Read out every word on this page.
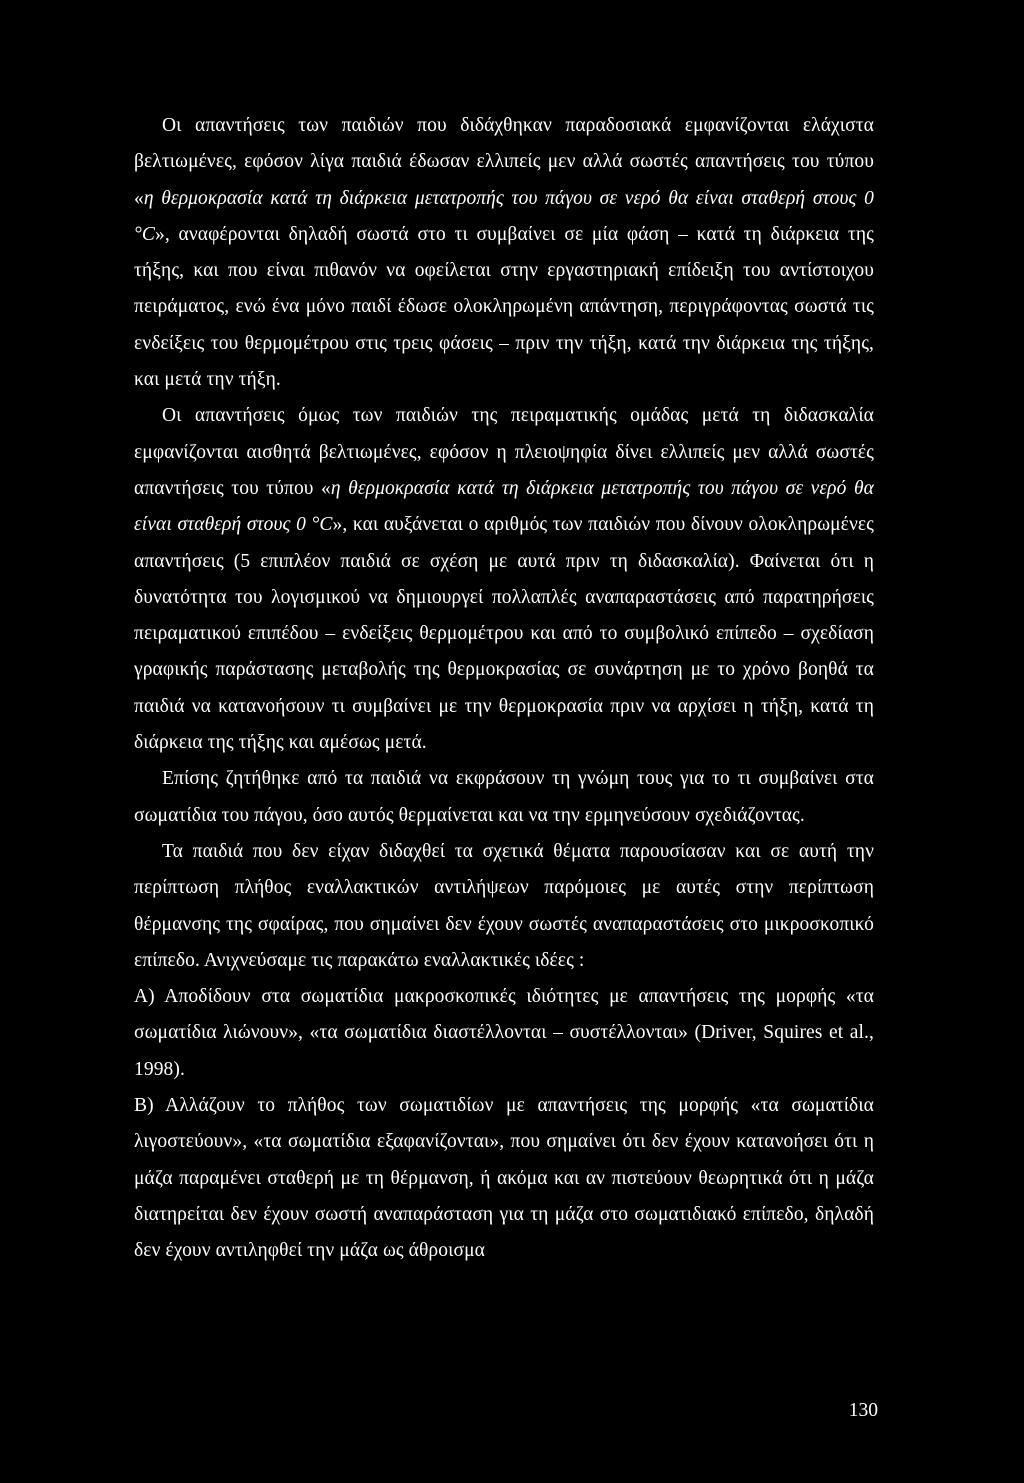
Οι απαντήσεις των παιδιών που διδάχθηκαν παραδοσιακά εμφανίζονται ελάχιστα βελτιωμένες, εφόσον λίγα παιδιά έδωσαν ελλιπείς μεν αλλά σωστές απαντήσεις του τύπου «η θερμοκρασία κατά τη διάρκεια μετατροπής του πάγου σε νερό θα είναι σταθερή στους 0 °C», αναφέρονται δηλαδή σωστά στο τι συμβαίνει σε μία φάση – κατά τη διάρκεια της τήξης, και που είναι πιθανόν να οφείλεται στην εργαστηριακή επίδειξη του αντίστοιχου πειράματος, ενώ ένα μόνο παιδί έδωσε ολοκληρωμένη απάντηση, περιγράφοντας σωστά τις ενδείξεις του θερμομέτρου στις τρεις φάσεις – πριν την τήξη, κατά την διάρκεια της τήξης, και μετά την τήξη.

Οι απαντήσεις όμως των παιδιών της πειραματικής ομάδας μετά τη διδασκαλία εμφανίζονται αισθητά βελτιωμένες, εφόσον η πλειοψηφία δίνει ελλιπείς μεν αλλά σωστές απαντήσεις του τύπου «η θερμοκρασία κατά τη διάρκεια μετατροπής του πάγου σε νερό θα είναι σταθερή στους 0 °C», και αυξάνεται ο αριθμός των παιδιών που δίνουν ολοκληρωμένες απαντήσεις (5 επιπλέον παιδιά σε σχέση με αυτά πριν τη διδασκαλία). Φαίνεται ότι η δυνατότητα του λογισμικού να δημιουργεί πολλαπλές αναπαραστάσεις από παρατηρήσεις πειραματικού επιπέδου – ενδείξεις θερμομέτρου και από το συμβολικό επίπεδο – σχεδίαση γραφικής παράστασης μεταβολής της θερμοκρασίας σε συνάρτηση με το χρόνο βοηθά τα παιδιά να κατανοήσουν τι συμβαίνει με την θερμοκρασία πριν να αρχίσει η τήξη, κατά τη διάρκεια της τήξης και αμέσως μετά.

Επίσης ζητήθηκε από τα παιδιά να εκφράσουν τη γνώμη τους για το τι συμβαίνει στα σωματίδια του πάγου, όσο αυτός θερμαίνεται και να την ερμηνεύσουν σχεδιάζοντας.

Τα παιδιά που δεν είχαν διδαχθεί τα σχετικά θέματα παρουσίασαν και σε αυτή την περίπτωση πλήθος εναλλακτικών αντιλήψεων παρόμοιες με αυτές στην περίπτωση θέρμανσης της σφαίρας, που σημαίνει δεν έχουν σωστές αναπαραστάσεις στο μικροσκοπικό επίπεδο. Ανιχνεύσαμε τις παρακάτω εναλλακτικές ιδέες :

Α) Αποδίδουν στα σωματίδια μακροσκοπικές ιδιότητες με απαντήσεις της μορφής «τα σωματίδια λιώνουν», «τα σωματίδια διαστέλλονται – συστέλλονται» (Driver, Squires et al., 1998).

Β) Αλλάζουν το πλήθος των σωματιδίων με απαντήσεις της μορφής «τα σωματίδια λιγοστεύουν», «τα σωματίδια εξαφανίζονται», που σημαίνει ότι δεν έχουν κατανοήσει ότι η μάζα παραμένει σταθερή με τη θέρμανση, ή ακόμα και αν πιστεύουν θεωρητικά ότι η μάζα διατηρείται δεν έχουν σωστή αναπαράσταση για τη μάζα στο σωματιδιακό επίπεδο, δηλαδή δεν έχουν αντιληφθεί την μάζα ως άθροισμα

130
